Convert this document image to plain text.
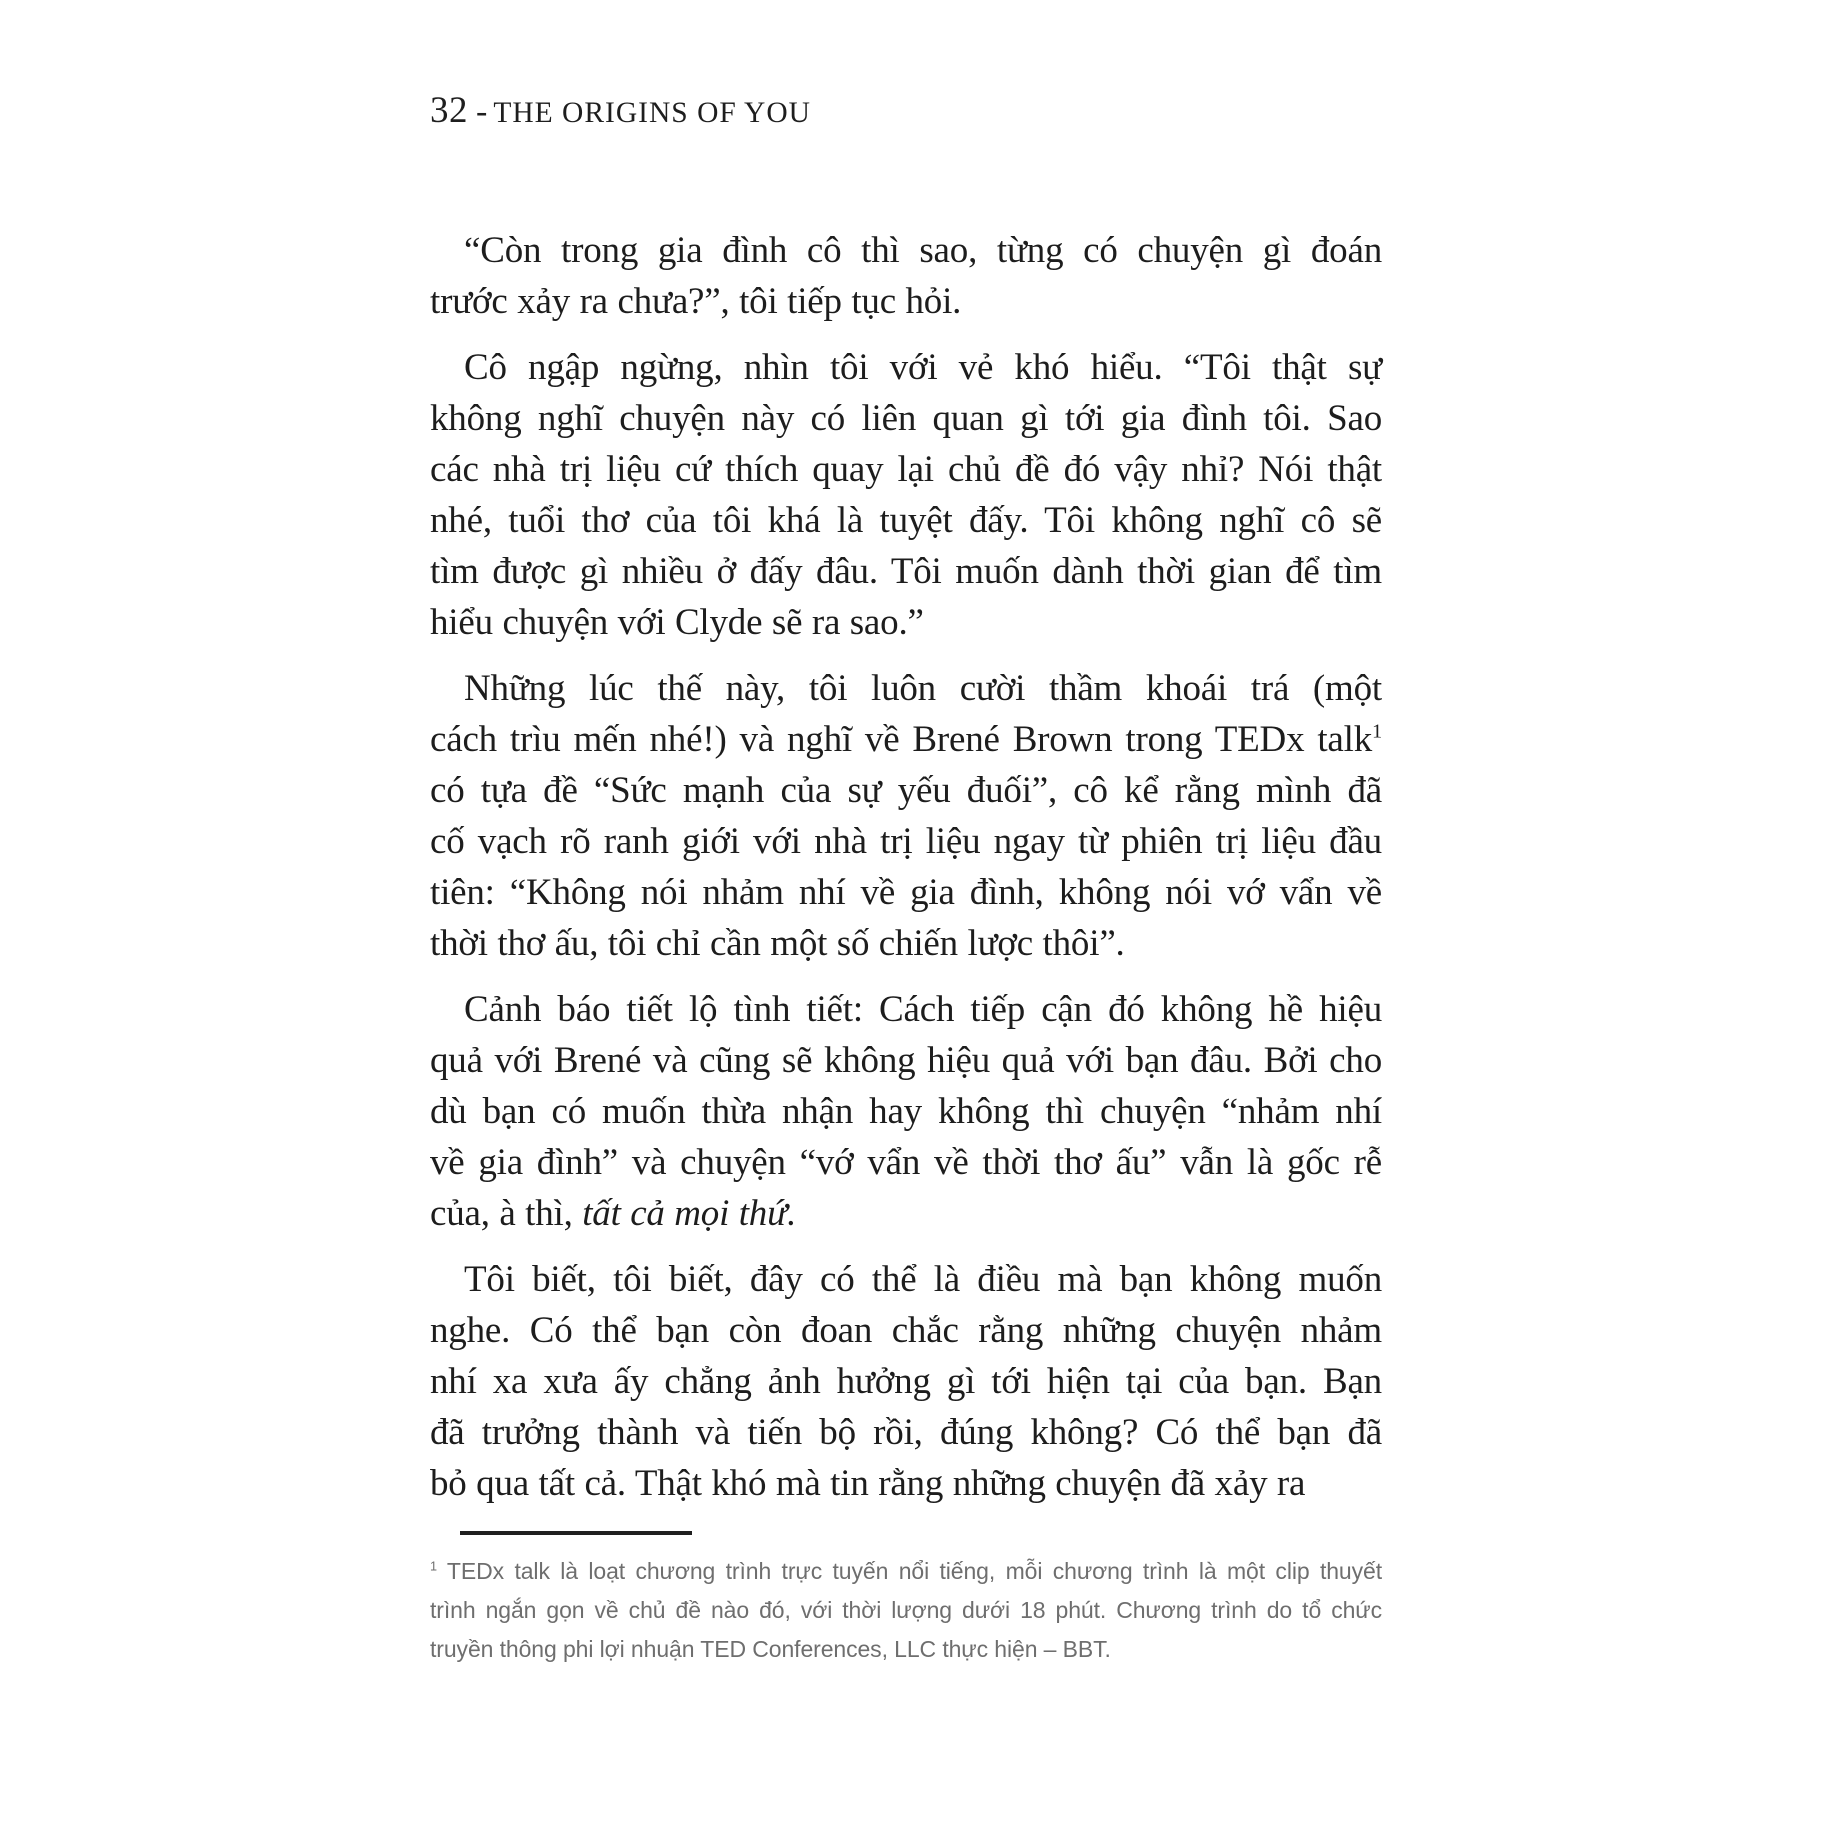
32 - THE ORIGINS OF YOU
“Còn trong gia đình cô thì sao, từng có chuyện gì đoán
trước xảy ra chưa?”, tôi tiếp tục hỏi.
Cô ngập ngừng, nhìn tôi với vẻ khó hiểu. “Tôi thật sự
không nghĩ chuyện này có liên quan gì tới gia đình tôi. Sao
các nhà trị liệu cứ thích quay lại chủ đề đó vậy nhỉ? Nói thật
nhé, tuổi thơ của tôi khá là tuyệt đấy. Tôi không nghĩ cô sẽ
tìm được gì nhiều ở đấy đâu. Tôi muốn dành thời gian để tìm
hiểu chuyện với Clyde sẽ ra sao.”
Những lúc thế này, tôi luôn cười thầm khoái trá (một
cách trìu mến nhé!) và nghĩ về Brené Brown trong TEDx talk$^1$
có tựa đề “Sức mạnh của sự yếu đuối”, cô kể rằng mình đã
cố vạch rõ ranh giới với nhà trị liệu ngay từ phiên trị liệu đầu
tiên: “Không nói nhảm nhí về gia đình, không nói vớ vẩn về
thời thơ ấu, tôi chỉ cần một số chiến lược thôi”.
Cảnh báo tiết lộ tình tiết: Cách tiếp cận đó không hề hiệu
quả với Brené và cũng sẽ không hiệu quả với bạn đâu. Bởi cho
dù bạn có muốn thừa nhận hay không thì chuyện “nhảm nhí
về gia đình” và chuyện “vớ vẩn về thời thơ ấu” vẫn là gốc rễ
của, à thì, tất cả mọi thứ.
Tôi biết, tôi biết, đây có thể là điều mà bạn không muốn
nghe. Có thể bạn còn đoan chắc rằng những chuyện nhảm
nhí xa xưa ấy chẳng ảnh hưởng gì tới hiện tại của bạn. Bạn
đã trưởng thành và tiến bộ rồi, đúng không? Có thể bạn đã
bỏ qua tất cả. Thật khó mà tin rằng những chuyện đã xảy ra
$^1$ TEDx talk là loạt chương trình trực tuyến nổi tiếng, mỗi chương trình là một clip thuyết
trình ngắn gọn về chủ đề nào đó, với thời lượng dưới 18 phút. Chương trình do tổ chức
truyền thông phi lợi nhuận TED Conferences, LLC thực hiện – BBT.
